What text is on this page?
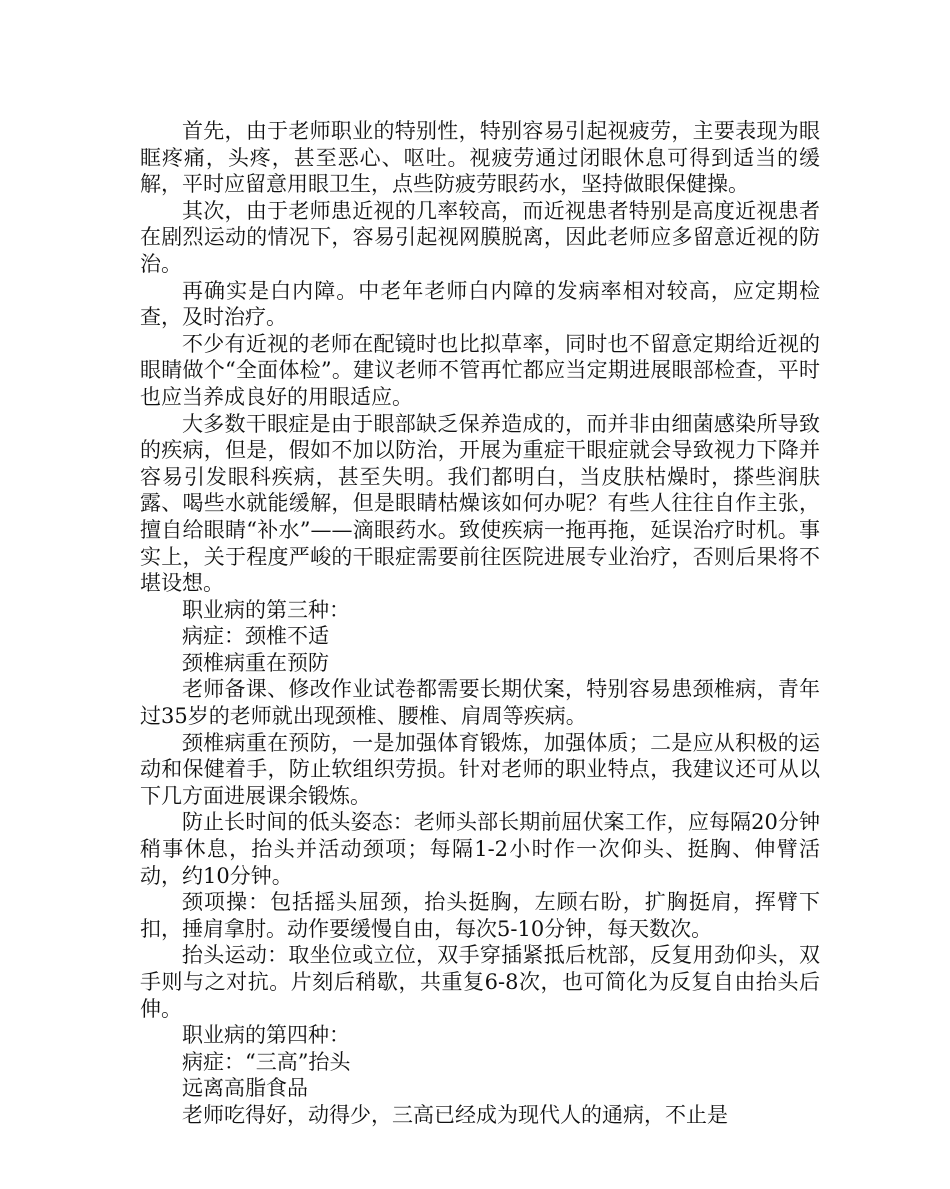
首先，由于老师职业的特别性，特别容易引起视疲劳，主要表现为眼眶疼痛，头疼，甚至恶心、呕吐。视疲劳通过闭眼休息可得到适当的缓解，平时应留意用眼卫生，点些防疲劳眼药水，坚持做眼保健操。

其次，由于老师患近视的几率较高，而近视患者特别是高度近视患者在剧烈运动的情况下，容易引起视网膜脱离，因此老师应多留意近视的防治。

再确实是白内障。中老年老师白内障的发病率相对较高，应定期检查，及时治疗。

不少有近视的老师在配镜时也比拟草率，同时也不留意定期给近视的眼睛做个“全面体检”。建议老师不管再忙都应当定期进展眼部检查，平时也应当养成良好的用眼适应。

大多数干眼症是由于眼部缺乏保养造成的，而并非由细菌感染所导致的疾病，但是，假如不加以防治，开展为重症干眼症就会导致视力下降并容易引发眼科疾病，甚至失明。我们都明白，当皮肤枯燥时，搽些润肤露、喝些水就能缓解，但是眼睛枯燥该如何办呢？有些人往往自作主张，擅自给眼睛“补水”——滴眼药水。致使疾病一拖再拖，延误治疗时机。事实上，关于程度严峻的干眼症需要前往医院进展专业治疗，否则后果将不堪设想。

职业病的第三种：

病症：颈椎不适

颈椎病重在预防

老师备课、修改作业试卷都需要长期伏案，特别容易患颈椎病，青年过35岁的老师就出现颈椎、腰椎、肩周等疾病。

颈椎病重在预防，一是加强体育锻炼，加强体质；二是应从积极的运动和保健着手，防止软组织劳损。针对老师的职业特点，我建议还可从以下几方面进展课余锻炼。

防止长时间的低头姿态：老师头部长期前屈伏案工作，应每隔20分钟稍事休息，抬头并活动颈项；每隔1-2小时作一次仰头、挺胸、伸臂活动，约10分钟。

颈项操：包括摇头屈颈，抬头挺胸，左顾右盼，扩胸挺肩，挥臂下扣，捶肩拿肘。动作要缓慢自由，每次5-10分钟，每天数次。

抬头运动：取坐位或立位，双手穿插紧抵后枕部，反复用劲仰头，双手则与之对抗。片刻后稍歇，共重复6-8次，也可简化为反复自由抬头后伸。

职业病的第四种：

病症：“三高”抬头

远离高脂食品

老师吃得好，动得少，三高已经成为现代人的通病，不止是
